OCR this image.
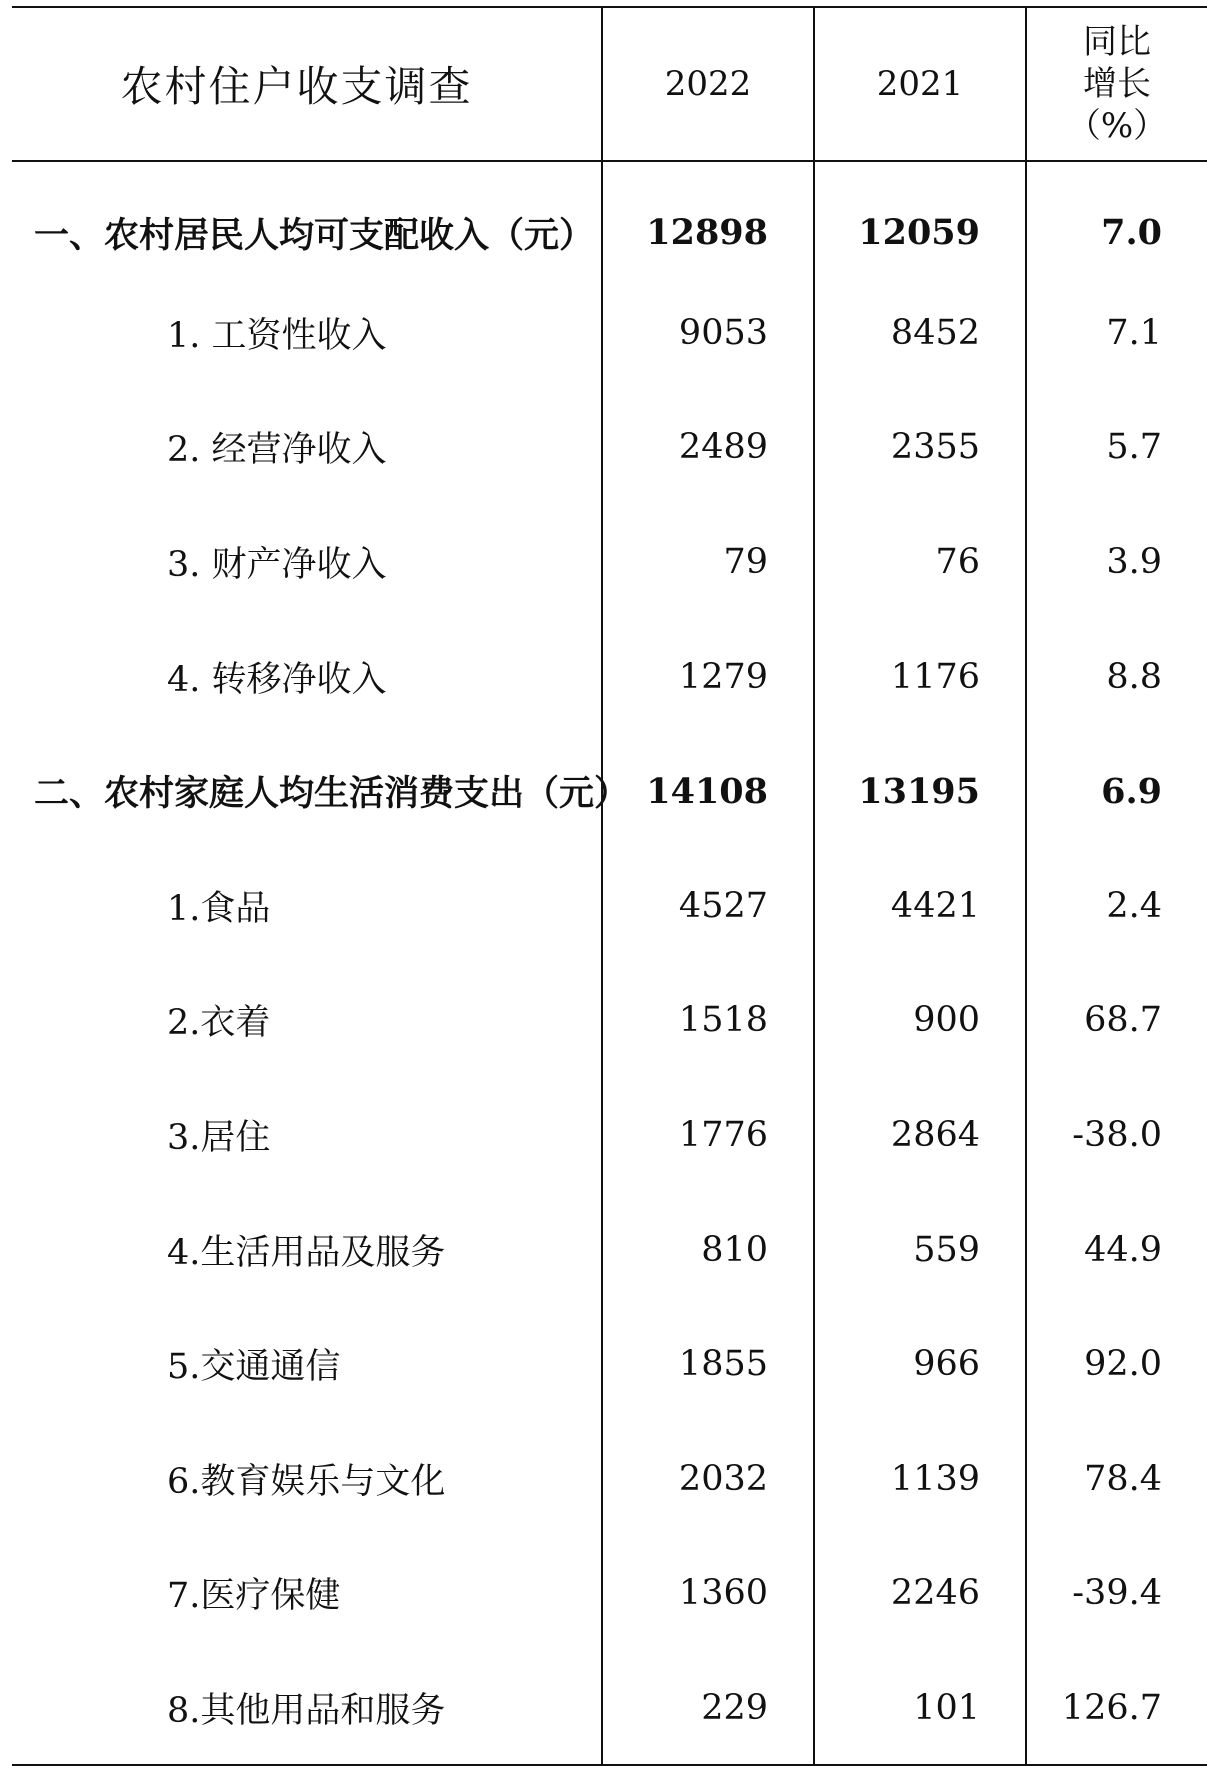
农村住户收支调查	2022	2021	同比
增长
（%）

一、农村居民人均可支配收入（元）	12898	12059	7.0
1. 工资性收入	9053	8452	7.1
2. 经营净收入	2489	2355	5.7
3. 财产净收入	79	76	3.9
4. 转移净收入	1279	1176	8.8
二、农村家庭人均生活消费支出（元）	14108	13195	6.9
1.食品	4527	4421	2.4
2.衣着	1518	900	68.7
3.居住	1776	2864	-38.0
4.生活用品及服务	810	559	44.9
5.交通通信	1855	966	92.0
6.教育娱乐与文化	2032	1139	78.4
7.医疗保健	1360	2246	-39.4
8.其他用品和服务	229	101	126.7
